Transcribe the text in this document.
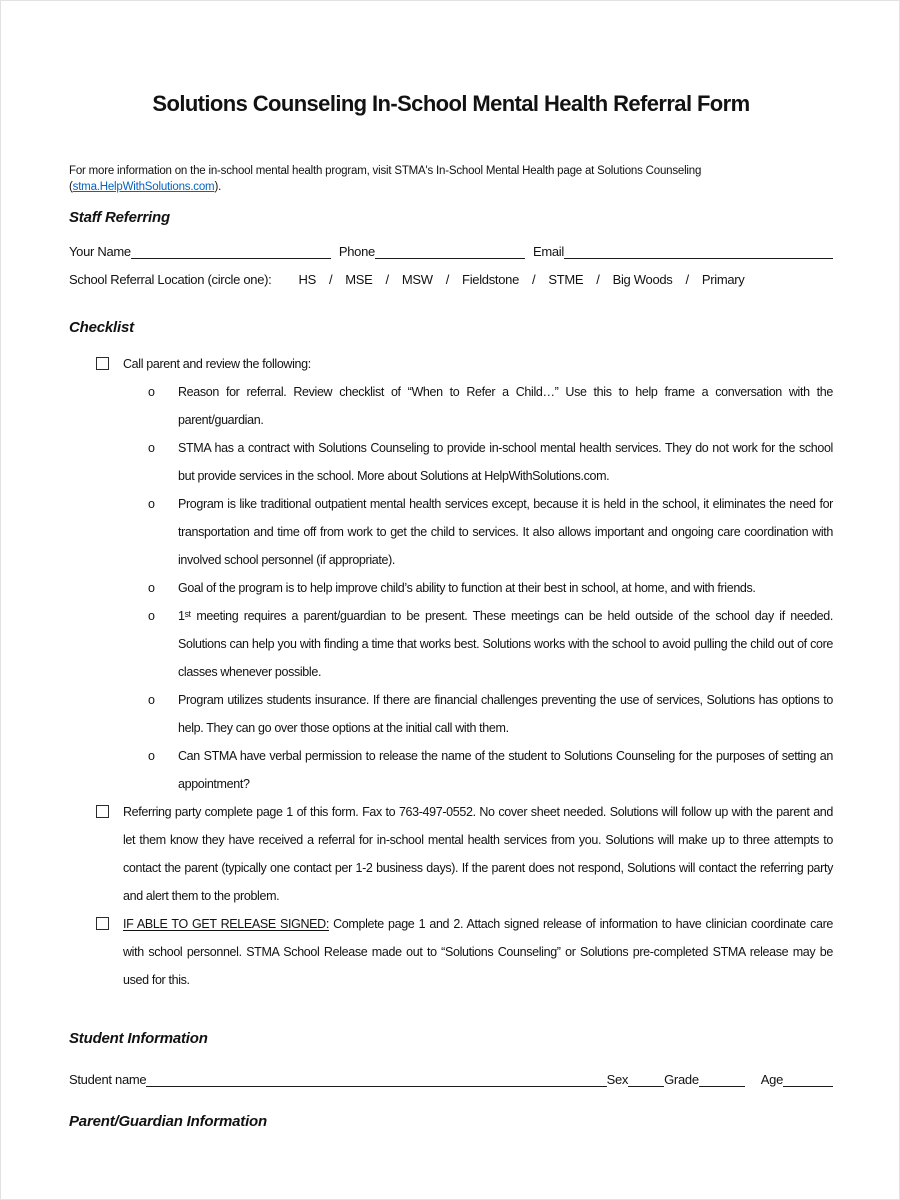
Solutions Counseling In-School Mental Health Referral Form

For more information on the in-school mental health program, visit STMA's In-School Mental Health page at Solutions Counseling (stma.HelpWithSolutions.com).

Staff Referring
Your Name	Phone	Email
School Referral Location (circle one): HS / MSE / MSW / Fieldstone / STME / Big Woods / Primary
Checklist
Call parent and review the following:
o	Reason for referral. Review checklist of “When to Refer a Child…” Use this to help frame a conversation with the parent/guardian.
o	STMA has a contract with Solutions Counseling to provide in-school mental health services. They do not work for the school but provide services in the school. More about Solutions at HelpWithSolutions.com.
o	Program is like traditional outpatient mental health services except, because it is held in the school, it eliminates the need for transportation and time off from work to get the child to services. It also allows important and ongoing care coordination with involved school personnel (if appropriate).
o	Goal of the program is to help improve child’s ability to function at their best in school, at home, and with friends.
o	1ˢᵗ meeting requires a parent/guardian to be present. These meetings can be held outside of the school day if needed. Solutions can help you with finding a time that works best. Solutions works with the school to avoid pulling the child out of core classes whenever possible.
o	Program utilizes students insurance. If there are financial challenges preventing the use of services, Solutions has options to help. They can go over those options at the initial call with them.
o	Can STMA have verbal permission to release the name of the student to Solutions Counseling for the purposes of setting an appointment?
Referring party complete page 1 of this form. Fax to 763-497-0552. No cover sheet needed. Solutions will follow up with the parent and let them know they have received a referral for in-school mental health services from you. Solutions will make up to three attempts to contact the parent (typically one contact per 1-2 business days). If the parent does not respond, Solutions will contact the referring party and alert them to the problem.
IF ABLE TO GET RELEASE SIGNED: Complete page 1 and 2. Attach signed release of information to have clinician coordinate care with school personnel. STMA School Release made out to “Solutions Counseling” or Solutions pre-completed STMA release may be used for this.
Student Information
Student name	Sex	Grade	Age
Parent/Guardian Information
